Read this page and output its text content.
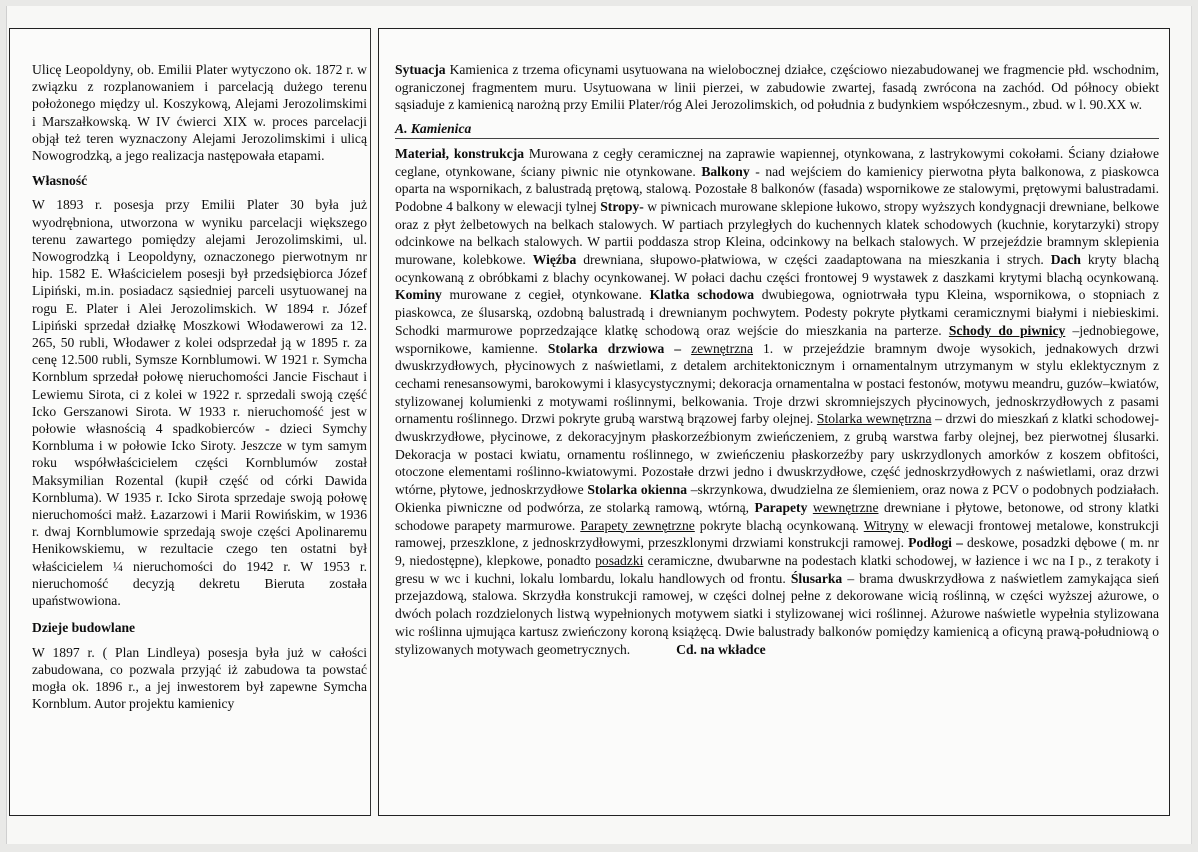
Ulicę Leopoldyny, ob. Emilii Plater wytyczono ok. 1872 r. w związku z rozplanowaniem i parcelacją dużego terenu położonego między ul. Koszykową, Alejami Jerozolimskimi i Marszałkowską. W IV ćwierci XIX w. proces parcelacji objął też teren wyznaczony Alejami Jerozolimskimi i ulicą Nowogrodzką, a jego realizacja następowała etapami.

Własność

W 1893 r. posesja przy Emilii Plater 30 była już wyodrębniona, utworzona w wyniku parcelacji większego terenu zawartego pomiędzy alejami Jerozolimskimi, ul. Nowogrodzką i Leopoldyny, oznaczonego pierwotnym nr hip. 1582 E. Właścicielem posesji był przedsiębiorca Józef Lipiński, m.in. posiadacz sąsiedniej parceli usytuowanej na rogu E. Plater i Alei Jerozolimskich. W 1894 r. Józef Lipiński sprzedał działkę Moszkowi Włodawerowi za 12. 265, 50 rubli, Włodawer z kolei odsprzedał ją w 1895 r. za cenę 12.500 rubli, Symsze Kornblumowi. W 1921 r. Symcha Kornblum sprzedał połowę nieruchomości Jancie Fischaut i Lewiemu Sirota, ci z kolei w 1922 r. sprzedali swoją część Icko Gerszanowi Sirota. W 1933 r. nieruchomość jest w połowie własnością 4 spadkobierców - dzieci Symchy Kornbluma i w połowie Icko Siroty. Jeszcze w tym samym roku współwłaścicielem części Kornblumów został Maksymilian Rozental (kupił część od córki Dawida Kornbluma). W 1935 r. Icko Sirota sprzedaje swoją połowę nieruchomości małż. Łazarzowi i Marii Rowińskim, w 1936 r. dwaj Kornblumowie sprzedają swoje części Apolinaremu Henikowskiemu, w rezultacie czego ten ostatni był właścicielem ¼ nieruchomości do 1942 r. W 1953 r. nieruchomość decyzją dekretu Bieruta została upaństwowiona.

Dzieje budowlane

W 1897 r. ( Plan Lindleya) posesja była już w całości zabudowana, co pozwala przyjąć iż zabudowa ta powstać mogła ok. 1896 r., a jej inwestorem był zapewne Symcha Kornblum. Autor projektu kamienicy

Sytuacja Kamienica z trzema oficynami usytuowana na wielobocznej działce, częściowo niezabudowanej we fragmencie płd. wschodnim, ograniczonej fragmentem muru. Usytuowana w linii pierzei, w zabudowie zwartej, fasadą zwrócona na zachód. Od północy obiekt sąsiaduje z kamienicą narożną przy Emilii Plater/róg Alei Jerozolimskich, od południa z budynkiem współczesnym., zbud. w l. 90.XX w.

A. Kamienica

Materiał, konstrukcja Murowana z cegły ceramicznej na zaprawie wapiennej, otynkowana, z lastrykowymi cokołami. Ściany działowe ceglane, otynkowane, ściany piwnic nie otynkowane. Balkony - nad wejściem do kamienicy pierwotna płyta balkonowa, z piaskowca oparta na wspornikach, z balustradą prętową, stalową. Pozostałe 8 balkonów (fasada) wspornikowe ze stalowymi, prętowymi balustradami. Podobne 4 balkony w elewacji tylnej Stropy- w piwnicach murowane sklepione łukowo, stropy wyższych kondygnacji drewniane, belkowe oraz z płyt żelbetowych na belkach stalowych. W partiach przyległych do kuchennych klatek schodowych (kuchnie, korytarzyki) stropy odcinkowe na belkach stalowych. W partii poddasza strop Kleina, odcinkowy na belkach stalowych. W przejeździe bramnym sklepienia murowane, kolebkowe. Więźba drewniana, słupowo-płatwiowa, w części zaadaptowana na mieszkania i strych. Dach kryty blachą ocynkowaną z obróbkami z blachy ocynkowanej. W połaci dachu części frontowej 9 wystawek z daszkami krytymi blachą ocynkowaną. Kominy murowane z cegieł, otynkowane. Klatka schodowa dwubiegowa, ogniotrwała typu Kleina, wspornikowa, o stopniach z piaskowca, ze ślusarską, ozdobną balustradą i drewnianym pochwytem. Podesty pokryte płytkami ceramicznymi białymi i niebieskimi. Schodki marmurowe poprzedzające klatkę schodową oraz wejście do mieszkania na parterze. Schody do piwnicy –jednobiegowe, wspornikowe, kamienne. Stolarka drzwiowa – zewnętrzna 1. w przejeździe bramnym dwoje wysokich, jednakowych drzwi dwuskrzydłowych, płycinowych z naświetlami, z detalem architektonicznym i ornamentalnym utrzymanym w stylu eklektycznym z cechami renesansowymi, barokowymi i klasycystycznymi; dekoracja ornamentalna w postaci festonów, motywu meandru, guzów–kwiatów, stylizowanej kolumienki z motywami roślinnymi, belkowania. Troje drzwi skromniejszych płycinowych, jednoskrzydłowych z pasami ornamentu roślinnego. Drzwi pokryte grubą warstwą brązowej farby olejnej. Stolarka wewnętrzna – drzwi do mieszkań z klatki schodowej-dwuskrzydłowe, płycinowe, z dekoracyjnym płaskorzeźbionym zwieńczeniem, z grubą warstwa farby olejnej, bez pierwotnej ślusarki. Dekoracja w postaci kwiatu, ornamentu roślinnego, w zwieńczeniu płaskorzeźby pary uskrzydlonych amorków z koszem obfitości, otoczone elementami roślinno-kwiatowymi. Pozostałe drzwi jedno i dwuskrzydłowe, część jednoskrzydłowych z naświetlami, oraz drzwi wtórne, płytowe, jednoskrzydłowe Stolarka okienna –skrzynkowa, dwudzielna ze ślemieniem, oraz nowa z PCV o podobnych podziałach. Okienka piwniczne od podwórza, ze stolarką ramową, wtórną, Parapety wewnętrzne drewniane i płytowe, betonowe, od strony klatki schodowe parapety marmurowe. Parapety zewnętrzne pokryte blachą ocynkowaną. Witryny w elewacji frontowej metalowe, konstrukcji ramowej, przeszklone, z jednoskrzydłowymi, przeszklonymi drzwiami konstrukcji ramowej. Podłogi – deskowe, posadzki dębowe ( m. nr 9, niedostępne), klepkowe, ponadto posadzki ceramiczne, dwubarwne na podestach klatki schodowej, w łazience i wc na I p., z terakoty i gresu w wc i kuchni, lokalu lombardu, lokalu handlowych od frontu. Ślusarka – brama dwuskrzydłowa z naświetlem zamykająca sień przejazdową, stalowa. Skrzydła konstrukcji ramowej, w części dolnej pełne z dekorowane wicią roślinną, w części wyższej ażurowe, o dwóch polach rozdzielonych listwą wypełnionych motywem siatki i stylizowanej wici roślinnej. Ażurowe naświetle wypełnia stylizowana wic roślinna ujmująca kartusz zwieńczony koroną książęcą. Dwie balustrady balkonów pomiędzy kamienicą a oficyną prawą-południową o stylizowanych motywach geometrycznych.	Cd. na wkładce
